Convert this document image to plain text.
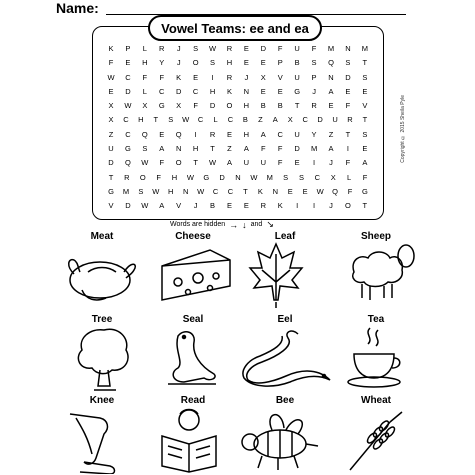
Name:
Vowel Teams: ee and ea
K	P	L	R	J	S	W	R	E	D	F	U	F	M	N	M
F	E	H	Y	J	O	S	H	E	E	P	B	S	Q	S	T
W	C	F	F	K	E	I	R	J	X	V	U	P	N	D	S
E	D	L	C	D	C	H	K	N	E	E	G	J	A	E	E
X	W	X	G	X	F	D	O	H	B	B	T	R	E	F	V
X	C	H	T	S	W	C	L	C	B	Z	A	X	C	D	U	R	T
Z	C	Q	E	Q	I	R	E	H	A	C	U	Y	Z	T	S
U	G	S	A	N	H	T	Z	A	F	F	D	M	A	I	E
D	Q	W	F	O	T	W	A	U	U	F	E	I	J	F	A
T	R	O	F	H	W	G	D	N	W	M	S	S	C	X	L	F
G	M	S	W	H	N	W	C	C	T	K	N	E	E	W	Q	F	G
V	D	W	A	V	J	B	E	E	R	K	I	I	J	O	T
Copyright © 2015 Sheila Pyle
Words are hidden → ↓ and ↘
Meat	Cheese	Leaf	Sheep
Tree	Seal	Eel	Tea
Knee	Read	Bee	Wheat
